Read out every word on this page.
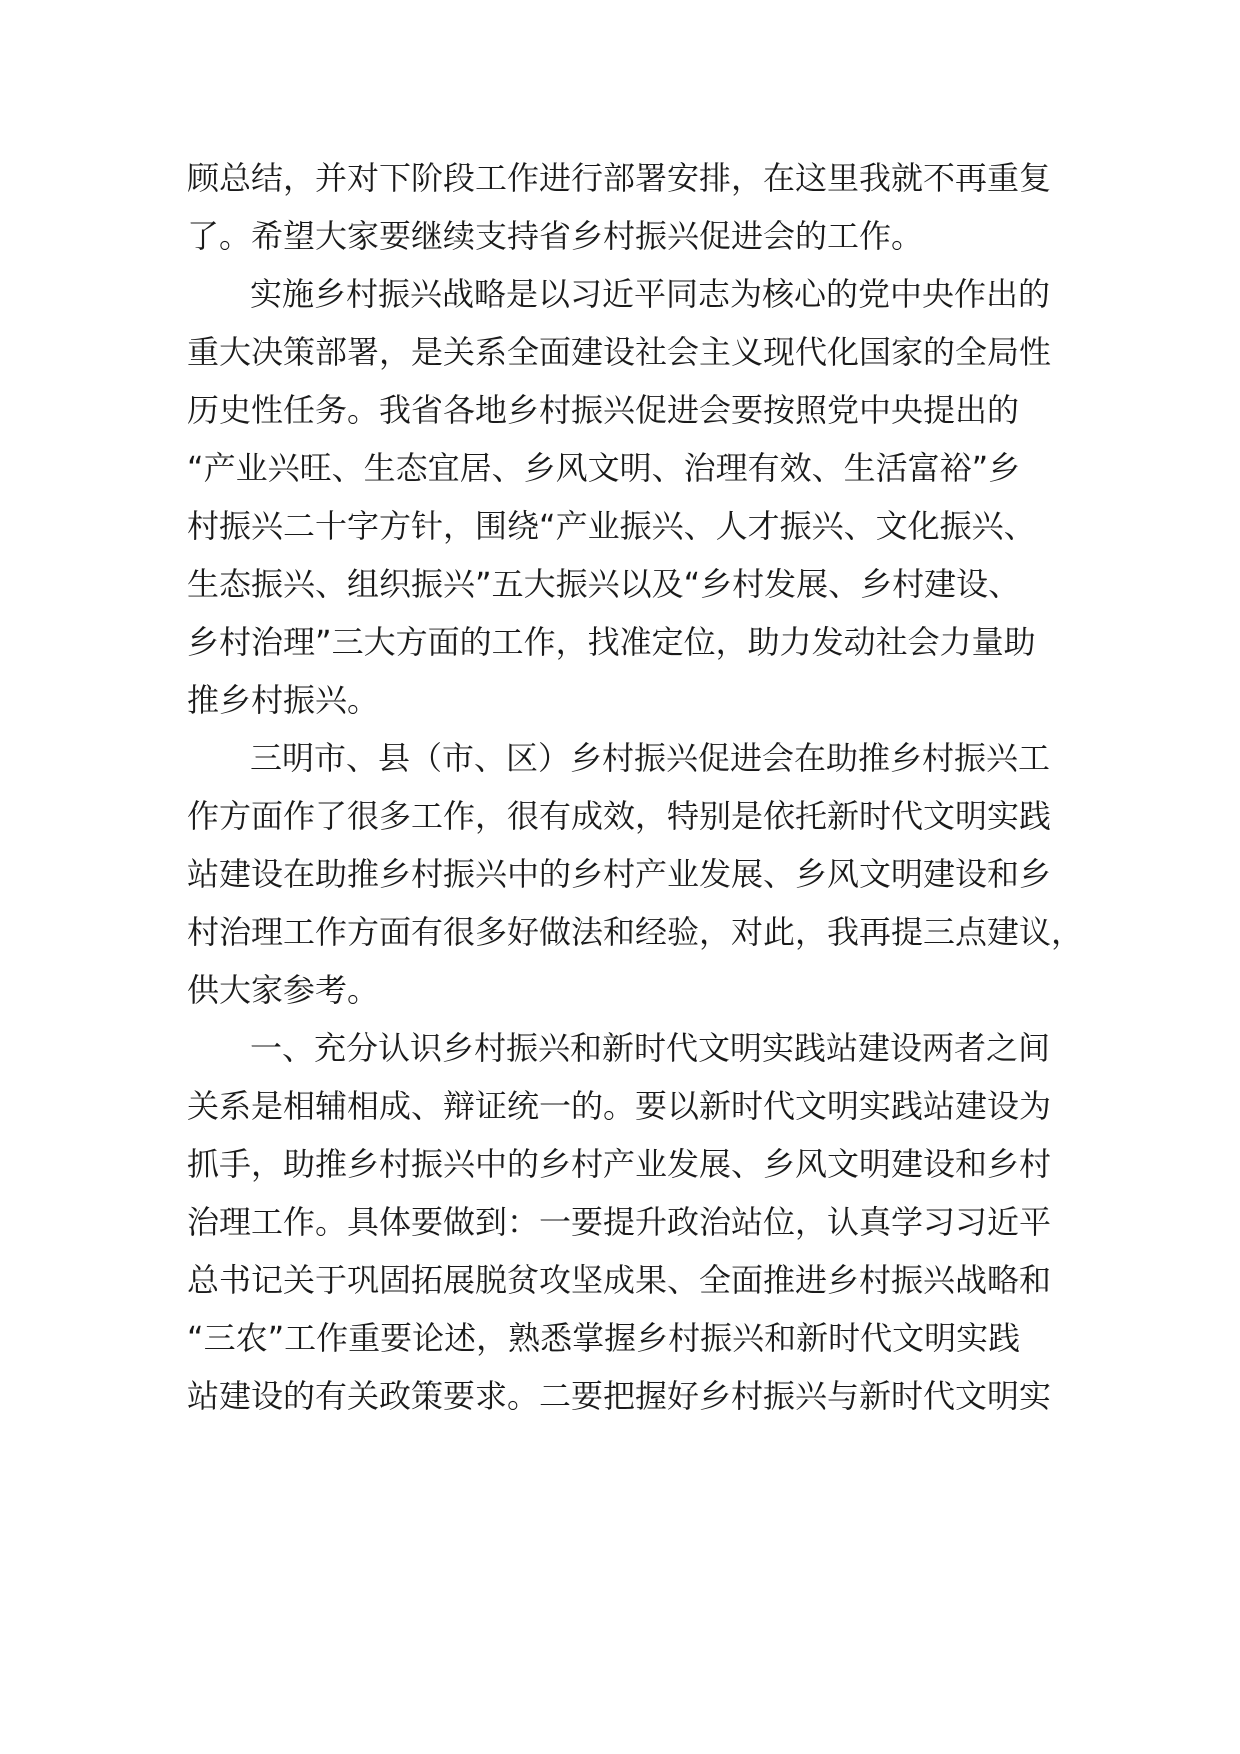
顾总结，并对下阶段工作进行部署安排，在这里我就不再重复
了。希望大家要继续支持省乡村振兴促进会的工作。
实施乡村振兴战略是以习近平同志为核心的党中央作出的
重大决策部署，是关系全面建设社会主义现代化国家的全局性
历史性任务。我省各地乡村振兴促进会要按照党中央提出的
“产业兴旺、生态宜居、乡风文明、治理有效、生活富裕”乡
村振兴二十字方针，围绕“产业振兴、人才振兴、文化振兴、
生态振兴、组织振兴”五大振兴以及“乡村发展、乡村建设、
乡村治理”三大方面的工作，找准定位，助力发动社会力量助
推乡村振兴。
三明市、县（市、区）乡村振兴促进会在助推乡村振兴工
作方面作了很多工作，很有成效，特别是依托新时代文明实践
站建设在助推乡村振兴中的乡村产业发展、乡风文明建设和乡
村治理工作方面有很多好做法和经验，对此，我再提三点建议，
供大家参考。
一、充分认识乡村振兴和新时代文明实践站建设两者之间
关系是相辅相成、辩证统一的。要以新时代文明实践站建设为
抓手，助推乡村振兴中的乡村产业发展、乡风文明建设和乡村
治理工作。具体要做到：一要提升政治站位，认真学习习近平
总书记关于巩固拓展脱贫攻坚成果、全面推进乡村振兴战略和
“三农”工作重要论述，熟悉掌握乡村振兴和新时代文明实践
站建设的有关政策要求。二要把握好乡村振兴与新时代文明实
